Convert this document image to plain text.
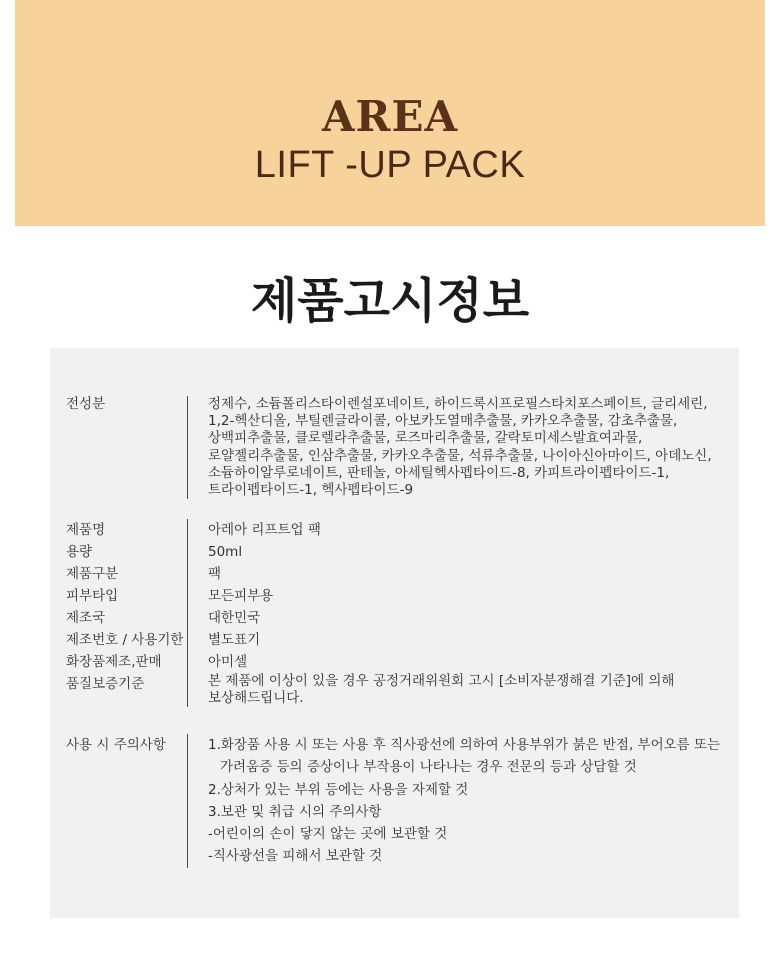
AREA
LIFT -UP PACK
제품고시정보
전성분	정제수, 소듐폴리스타이렌설포네이트, 하이드록시프로필스타치포스페이트, 글리세린,
1,2-헥산디올, 부틸렌글라이콜, 아보카도열매추출물, 카카오추출물, 감초추출물,
상백피추출물, 클로렐라추출물, 로즈마리추출물, 갈락토미세스발효여과물,
로얄젤리추출물, 인삼추출물, 카카오추출물, 석류추출물, 나이아신아마이드, 아데노신,
소듐하이알루로네이트, 판테놀, 아세틸헥사펩타이드-8, 카피트라이펩타이드-1,
트라이펩타이드-1, 헥사펩타이드-9
제품명
용량
제품구분
피부타입
제조국
제조번호 / 사용기한
화장품제조,판매
품질보증기준
아레아 리프트업 팩
50ml
팩
모든피부용
대한민국
별도표기
아미셀
본 제품에 이상이 있을 경우 공정거래위원회 고시 [소비자분쟁해결 기준]에 의해
보상해드립니다.
사용 시 주의사항	1.화장품 사용 시 또는 사용 후 직사광선에 의하여 사용부위가 붉은 반점, 부어오름 또는
가려움증 등의 증상이나 부작용이 나타나는 경우 전문의 등과 상담할 것
2.상처가 있는 부위 등에는 사용을 자제할 것
3.보관 및 취급 시의 주의사항
-어린이의 손이 닿지 않는 곳에 보관할 것
-직사광선을 피해서 보관할 것
